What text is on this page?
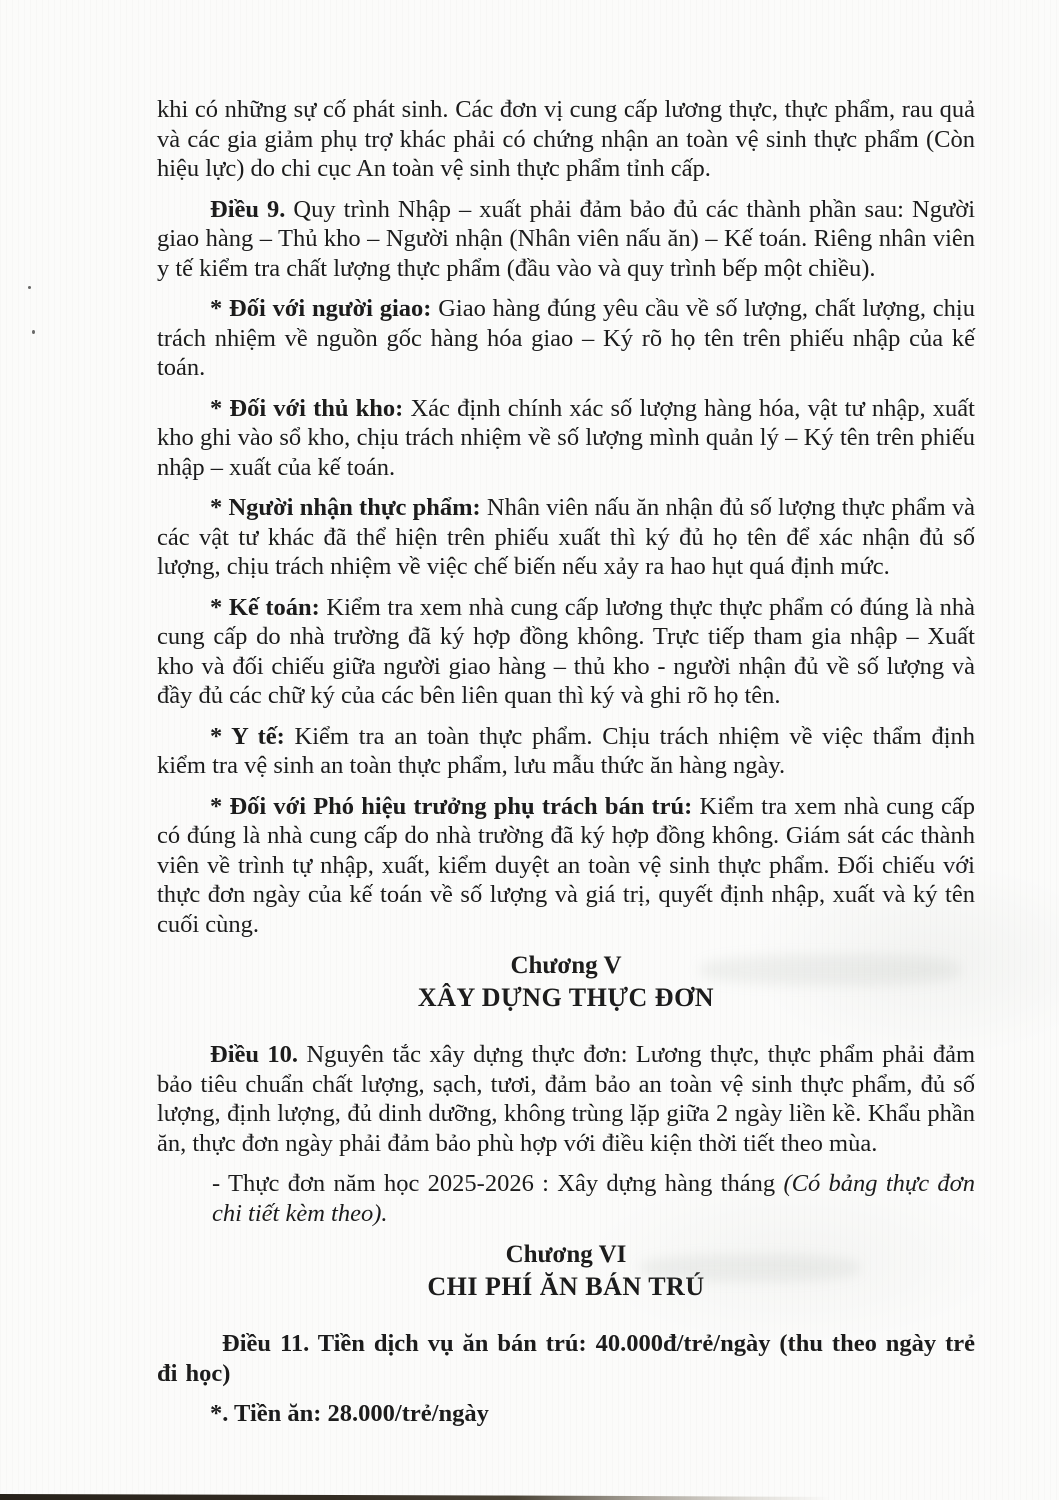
khi có những sự cố phát sinh. Các đơn vị cung cấp lương thực, thực phẩm, rau quả và các gia giảm phụ trợ khác phải có chứng nhận an toàn vệ sinh thực phẩm (Còn hiệu lực) do chi cục An toàn vệ sinh thực phẩm tỉnh cấp.

Điều 9. Quy trình Nhập – xuất phải đảm bảo đủ các thành phần sau: Người giao hàng – Thủ kho – Người nhận (Nhân viên nấu ăn) – Kế toán. Riêng nhân viên y tế kiểm tra chất lượng thực phẩm (đầu vào và quy trình bếp một chiều).

* Đối với người giao: Giao hàng đúng yêu cầu về số lượng, chất lượng, chịu trách nhiệm về nguồn gốc hàng hóa giao – Ký rõ họ tên trên phiếu nhập của kế toán.

* Đối với thủ kho: Xác định chính xác số lượng hàng hóa, vật tư nhập, xuất kho ghi vào sổ kho, chịu trách nhiệm về số lượng mình quản lý – Ký tên trên phiếu nhập – xuất của kế toán.

* Người nhận thực phẩm: Nhân viên nấu ăn nhận đủ số lượng thực phẩm và các vật tư khác đã thể hiện trên phiếu xuất thì ký đủ họ tên để xác nhận đủ số lượng, chịu trách nhiệm về việc chế biến nếu xảy ra hao hụt quá định mức.

* Kế toán: Kiểm tra xem nhà cung cấp lương thực thực phẩm có đúng là nhà cung cấp do nhà trường đã ký hợp đồng không. Trực tiếp tham gia nhập – Xuất kho và đối chiếu giữa người giao hàng – thủ kho - người nhận đủ về số lượng và đầy đủ các chữ ký của các bên liên quan thì ký và ghi rõ họ tên.

* Y tế: Kiểm tra an toàn thực phẩm. Chịu trách nhiệm về việc thẩm định kiểm tra vệ sinh an toàn thực phẩm, lưu mẫu thức ăn hàng ngày.

* Đối với Phó hiệu trưởng phụ trách bán trú: Kiểm tra xem nhà cung cấp có đúng là nhà cung cấp do nhà trường đã ký hợp đồng không. Giám sát các thành viên về trình tự nhập, xuất, kiểm duyệt an toàn vệ sinh thực phẩm. Đối chiếu với thực đơn ngày của kế toán về số lượng và giá trị, quyết định nhập, xuất và ký tên cuối cùng.

Chương V

XÂY DỰNG THỰC ĐƠN

Điều 10. Nguyên tắc xây dựng thực đơn: Lương thực, thực phẩm phải đảm bảo tiêu chuẩn chất lượng, sạch, tươi, đảm bảo an toàn vệ sinh thực phẩm, đủ số lượng, định lượng, đủ dinh dưỡng, không trùng lặp giữa 2 ngày liền kề. Khẩu phần ăn, thực đơn ngày phải đảm bảo phù hợp với điều kiện thời tiết theo mùa.

- Thực đơn năm học 2025-2026 : Xây dựng hàng tháng (Có bảng thực đơn chi tiết kèm theo).

Chương VI

CHI PHÍ ĂN BÁN TRÚ

Điều 11. Tiền dịch vụ ăn bán trú: 40.000đ/trẻ/ngày (thu theo ngày trẻ đi học)

*. Tiền ăn: 28.000/trẻ/ngày
